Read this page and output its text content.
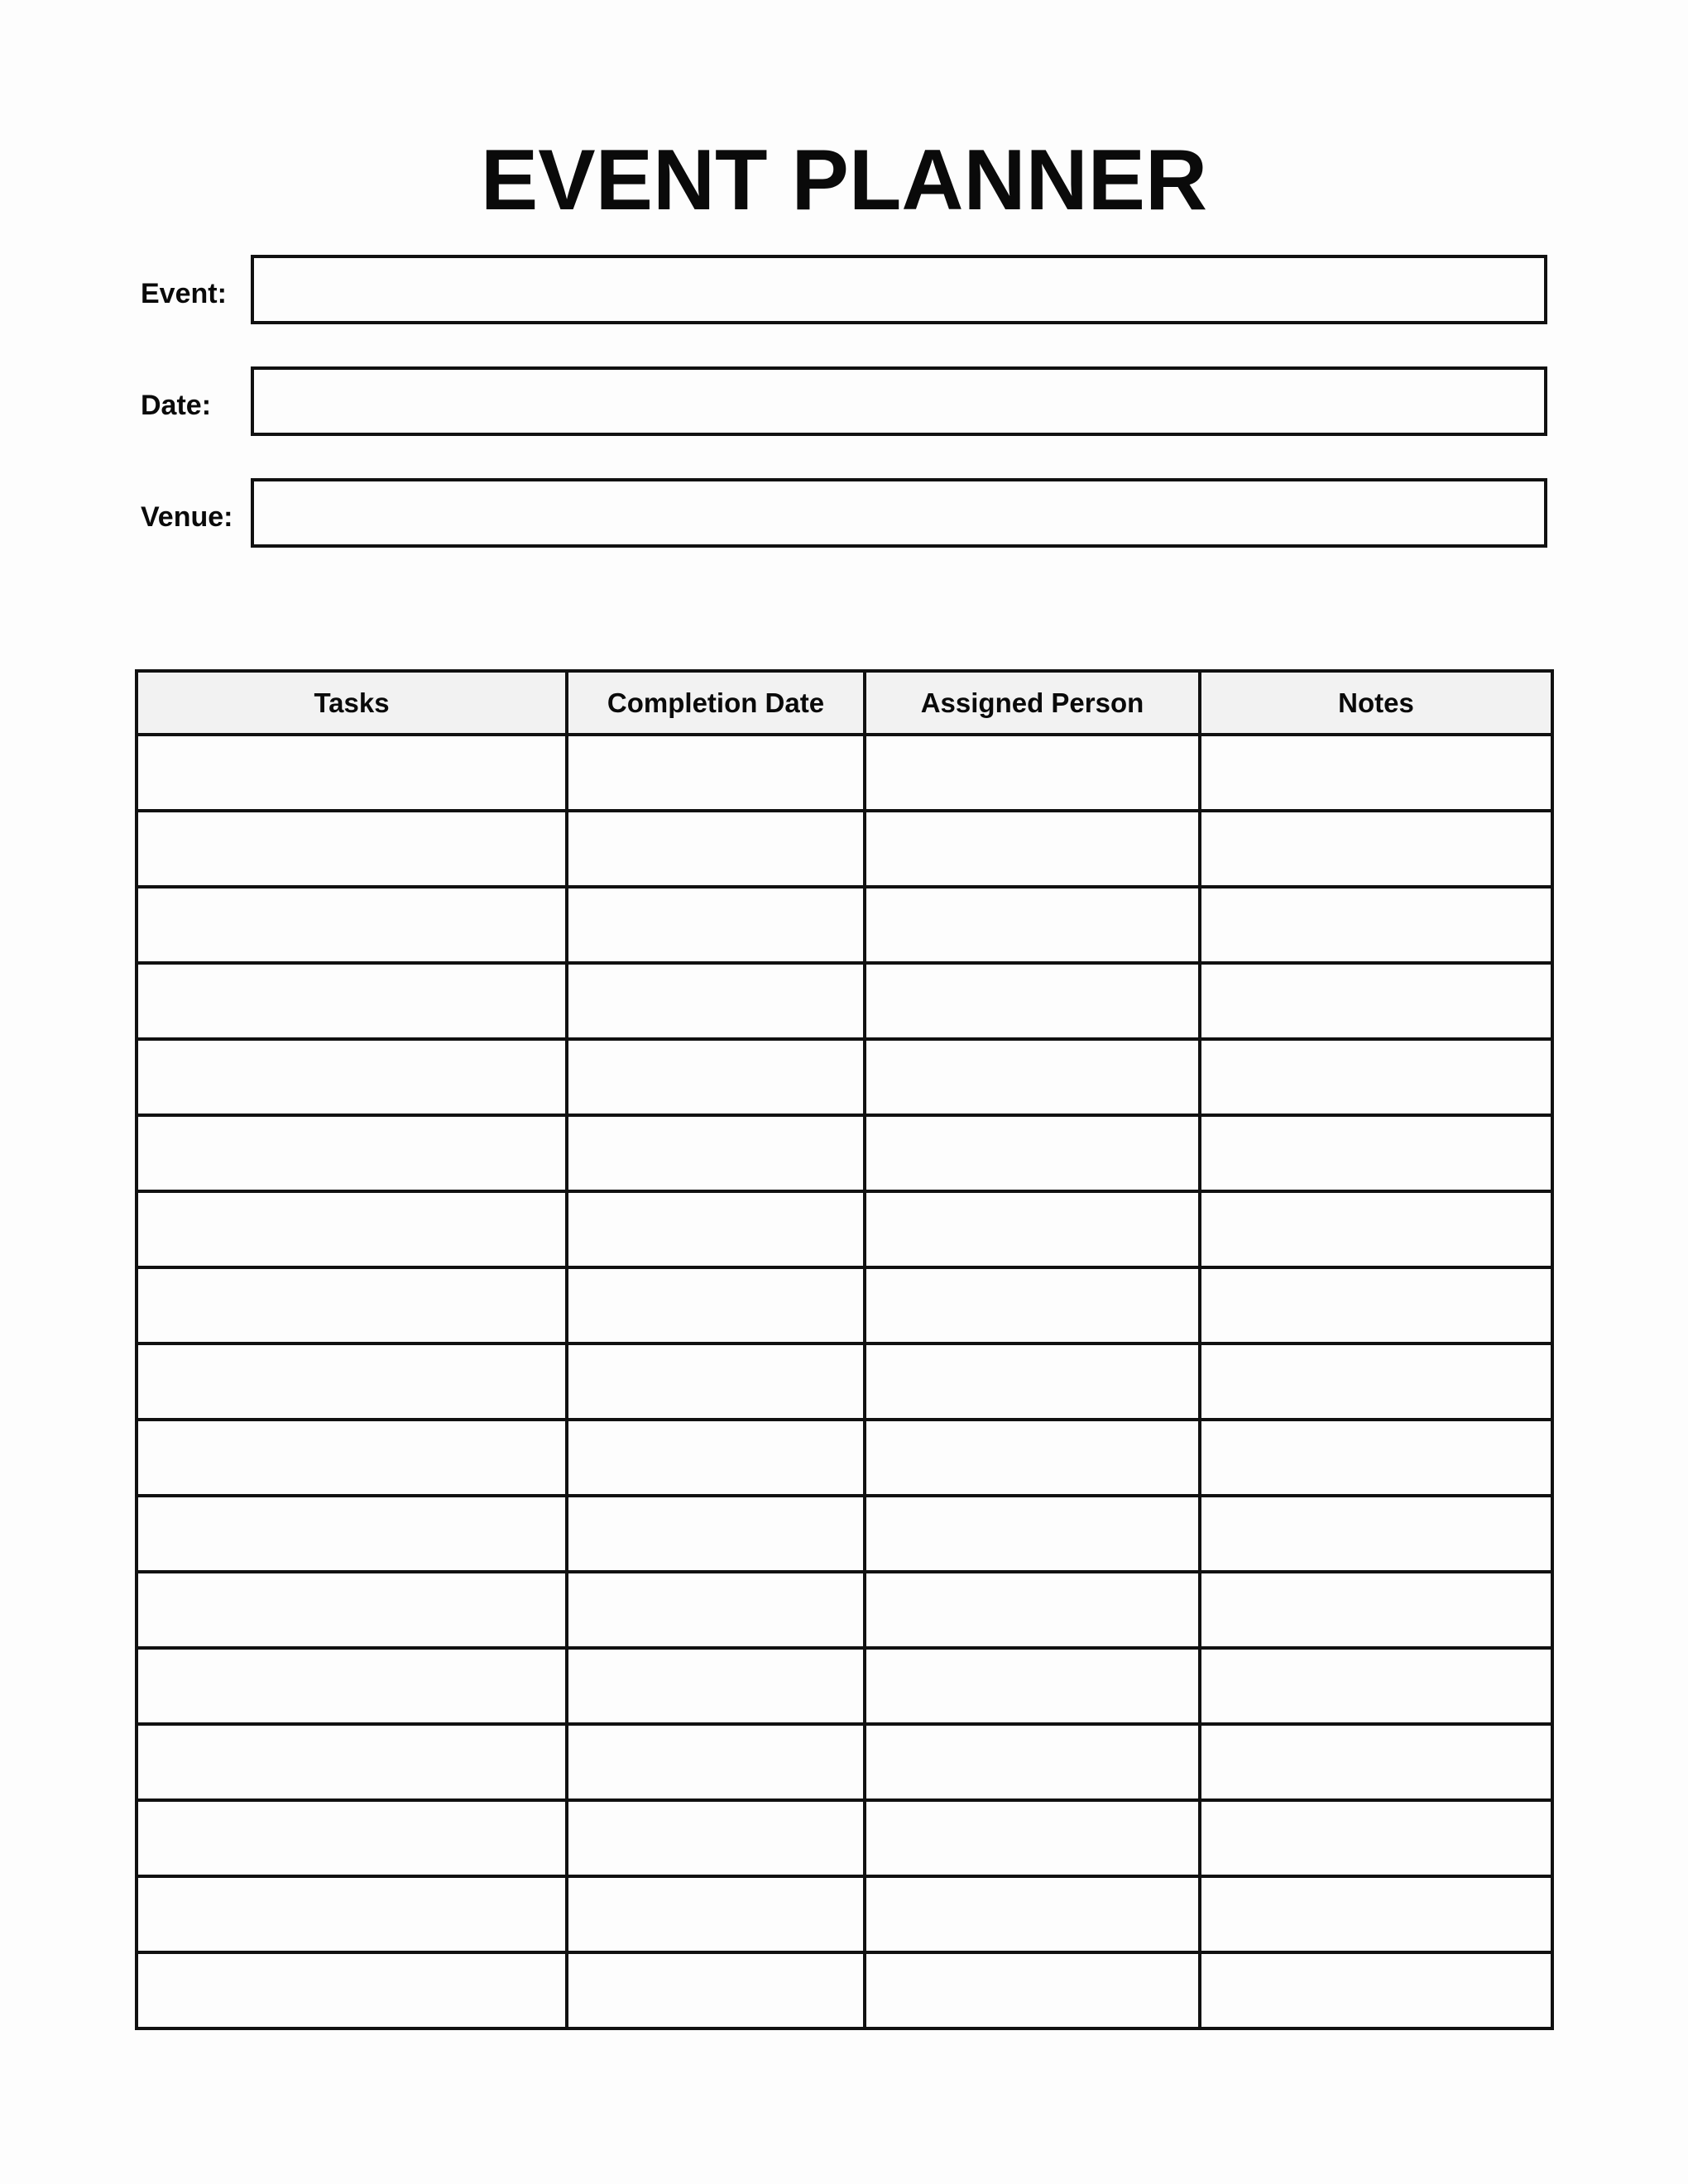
EVENT PLANNER
Event:
Date:
Venue:
Tasks	Completion Date	Assigned Person	Notes
